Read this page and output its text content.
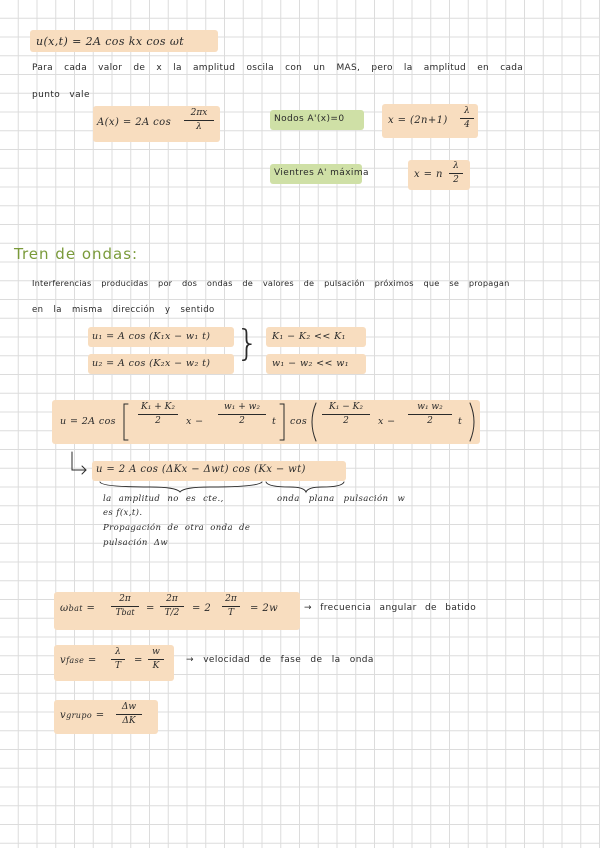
u(x,t) = 2A cos kx cos ωt
Para cada valor de x la amplitud oscila con un MAS, pero la amplitud en cada
punto vale
A(x) = 2A cos
2πx
λ
Nodos A'(x)=0	x = (2n+1)
λ
4
Vientres A' máxima	x = n
λ
2
Tren de ondas:
Interferencias producidas por dos ondas de valores de pulsación próximos que se propagan
en la misma dirección y sentido
u₁ = A cos (K₁x − w₁ t)
u₂ = A cos (K₂x − w₂ t) } K₁ − K₂ << K₁
w₁ − w₂ << w₁
u = 2A cos
K₁ + K₂
2	x −
w₁ + w₂
2	t cos
K₁ − K₂
2	x −
w₁ w₂
2	t
u = 2 A cos (ΔKx − Δwt) cos (Kx − wt)
la amplitud no es cte.,
es f(x,t).
Propagación de otra onda de
pulsación Δw
onda plana pulsación w
ωbat =
2π
Tbat	=
2π
T/2	= 2
2π
T	= 2w	→ frecuencia angular de batido
vfase =
λ
T	=
w
K
→ velocidad de fase de la onda
vgrupo =
Δw
ΔK
